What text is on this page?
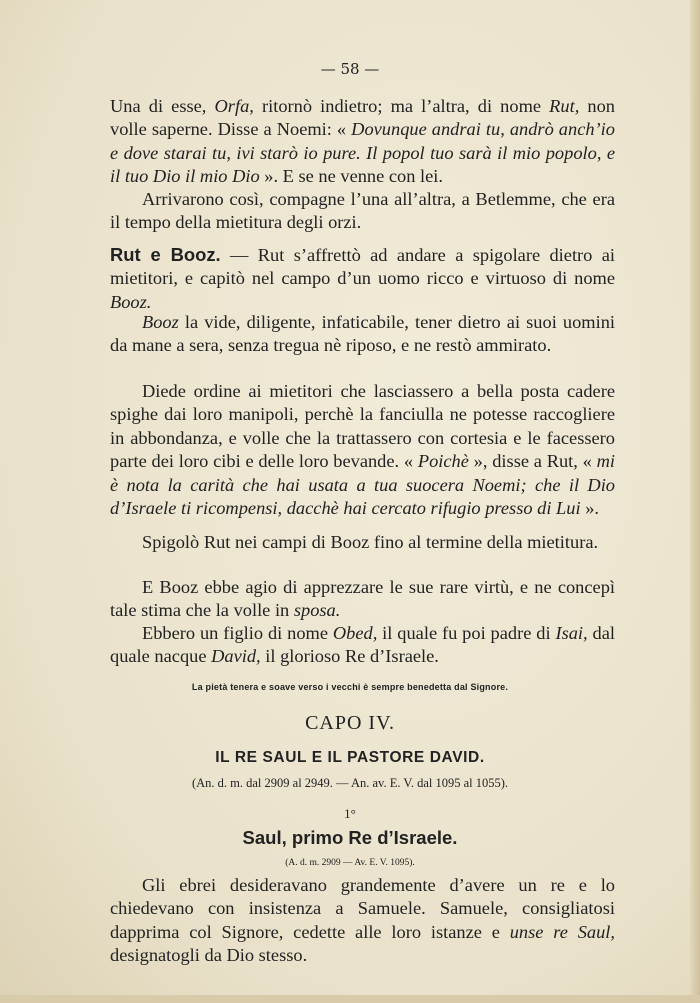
— 58 —

Una di esse, Orfa, ritornò indietro; ma l’altra, di nome Rut, non volle saperne. Disse a Noemi: « Dovunque andrai tu, andrò anch’io e dove starai tu, ivi starò io pure. Il popol tuo sarà il mio popolo, e il tuo Dio il mio Dio ». E se ne venne con lei.

Arrivarono così, compagne l’una all’altra, a Betlemme, che era il tempo della mietitura degli orzi.

Rut e Booz. — Rut s’affrettò ad andare a spigolare dietro ai mietitori, e capitò nel campo d’un uomo ricco e virtuoso di nome Booz.

Booz la vide, diligente, infaticabile, tener dietro ai suoi uomini da mane a sera, senza tregua nè riposo, e ne restò ammirato.

Diede ordine ai mietitori che lasciassero a bella posta cadere spighe dai loro manipoli, perchè la fanciulla ne potesse raccogliere in abbondanza, e volle che la trattassero con cortesia e le facessero parte dei loro cibi e delle loro bevande. « Poichè », disse a Rut, « mi è nota la carità che hai usata a tua suocera Noemi; che il Dio d’Israele ti ricompensi, dacchè hai cercato rifugio presso di Lui ».

Spigolò Rut nei campi di Booz fino al termine della mietitura.

E Booz ebbe agio di apprezzare le sue rare virtù, e ne concepì tale stima che la volle in sposa.

Ebbero un figlio di nome Obed, il quale fu poi padre di Isai, dal quale nacque David, il glorioso Re d’Israele.

La pietà tenera e soave verso i vecchi è sempre benedetta dal Signore.
CAPO IV.
IL RE SAUL E IL PASTORE DAVID.
(An. d. m. dal 2909 al 2949. — An. av. E. V. dal 1095 al 1055).
1°
Saul, primo Re d’Israele.
(A. d. m. 2909 — Av. E. V. 1095).

Gli ebrei desideravano grandemente d’avere un re e lo chiedevano con insistenza a Samuele. Samuele, consigliatosi dapprima col Signore, cedette alle loro istanze e unse re Saul, designatogli da Dio stesso.
